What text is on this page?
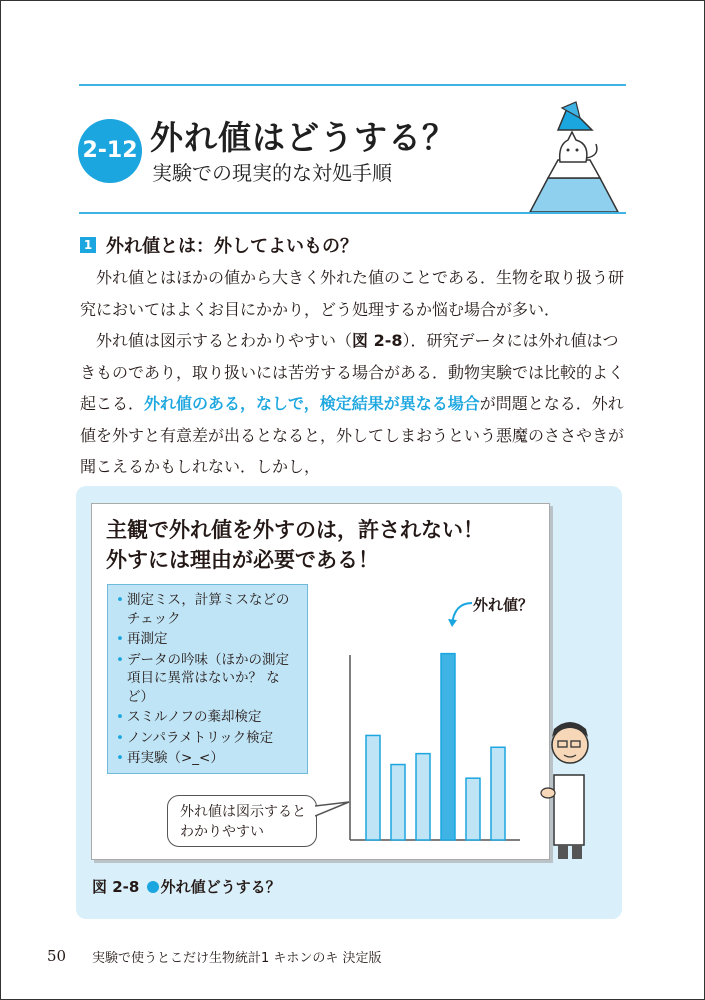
2-12 外れ値はどうする？
実験での現実的な対処手順
1 外れ値とは：外してよいもの？

外れ値とはほかの値から大きく外れた値のことである．生物を取り扱う研究においてはよくお目にかかり，どう処理するか悩む場合が多い．

外れ値は図示するとわかりやすい（図 2-8）．研究データには外れ値はつきものであり，取り扱いには苦労する場合がある．動物実験では比較的よく起こる．外れ値のある，なしで，検定結果が異なる場合が問題となる．外れ値を外すと有意差が出るとなると，外してしまおうという悪魔のささやきが聞こえるかもしれない．しかし，

主観で外れ値を外すのは，許されない！
外すには理由が必要である！
• 測定ミス，計算ミスなどのチェック
• 再測定
• データの吟味（ほかの測定項目に異常はないか？ など）
• スミルノフの棄却検定
• ノンパラメトリック検定
• 再実験（>_<）
外れ値？
外れ値は図示すると
わかりやすい
図 2-8 外れ値どうする？
50 実験で使うとこだけ生物統計1 キホンのキ 決定版
